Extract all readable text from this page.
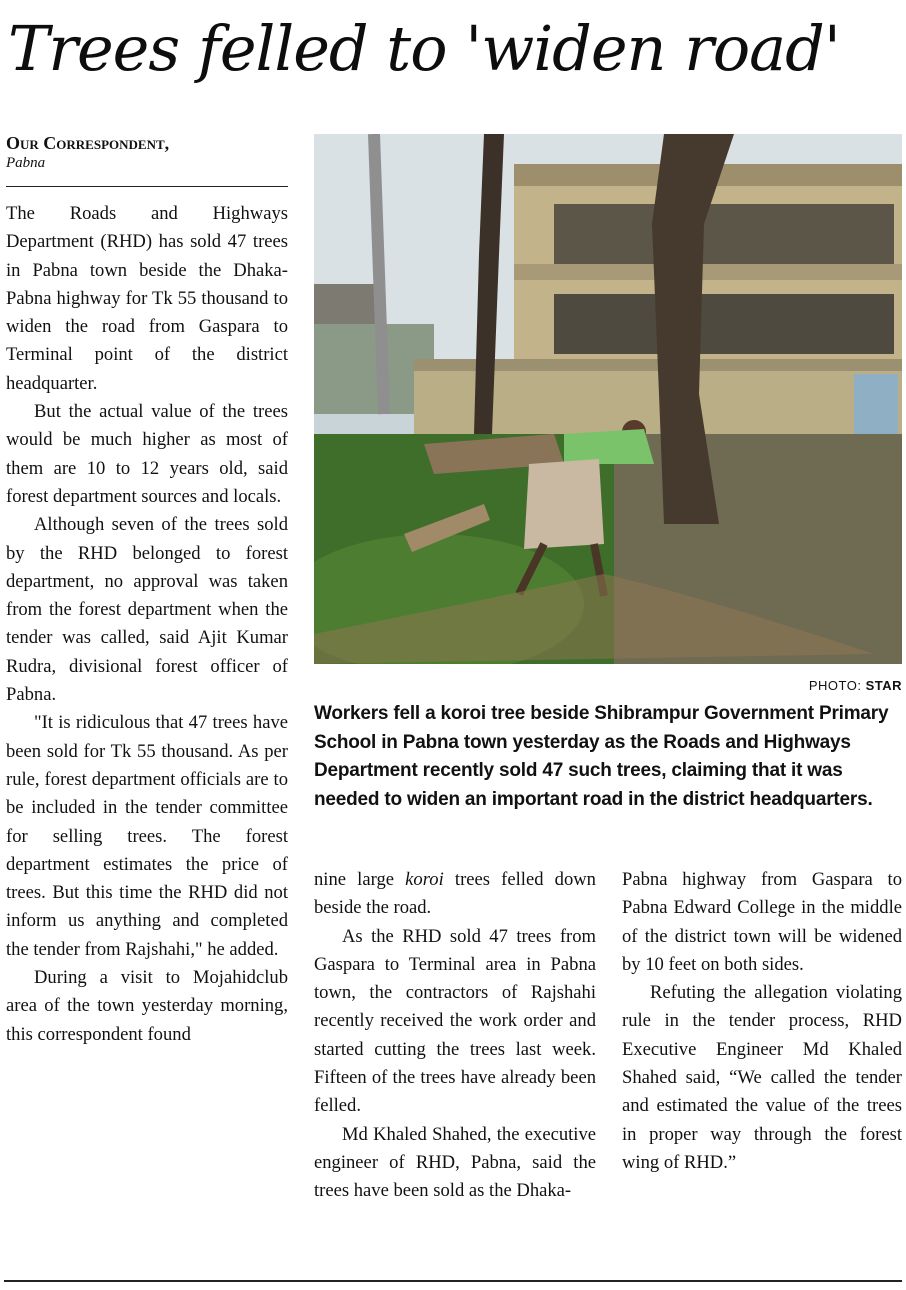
Trees felled to 'widen road'
Our Correspondent,
Pabna

The Roads and Highways Department (RHD) has sold 47 trees in Pabna town beside the Dhaka-Pabna highway for Tk 55 thousand to widen the road from Gaspara to Terminal point of the district headquarter.

But the actual value of the trees would be much higher as most of them are 10 to 12 years old, said forest department sources and locals.

Although seven of the trees sold by the RHD belonged to forest department, no approval was taken from the forest department when the tender was called, said Ajit Kumar Rudra, divisional forest officer of Pabna.

"It is ridiculous that 47 trees have been sold for Tk 55 thousand. As per rule, forest department officials are to be included in the tender committee for selling trees. The forest department estimates the price of trees. But this time the RHD did not inform us anything and completed the tender from Rajshahi," he added.

During a visit to Mojahidclub area of the town yesterday morning, this correspondent found

PHOTO: STAR
Workers fell a koroi tree beside Shibrampur Government Primary School in Pabna town yesterday as the Roads and Highways Department recently sold 47 such trees, claiming that it was needed to widen an important road in the district headquarters.

nine large koroi trees felled down beside the road.

As the RHD sold 47 trees from Gaspara to Terminal area in Pabna town, the contractors of Rajshahi recently received the work order and started cutting the trees last week. Fifteen of the trees have already been felled.

Md Khaled Shahed, the executive engineer of RHD, Pabna, said the trees have been sold as the Dhaka-

Pabna highway from Gaspara to Pabna Edward College in the middle of the district town will be widened by 10 feet on both sides.

Refuting the allegation violating rule in the tender process, RHD Executive Engineer Md Khaled Shahed said, “We called the tender and estimated the value of the trees in proper way through the forest wing of RHD.”
